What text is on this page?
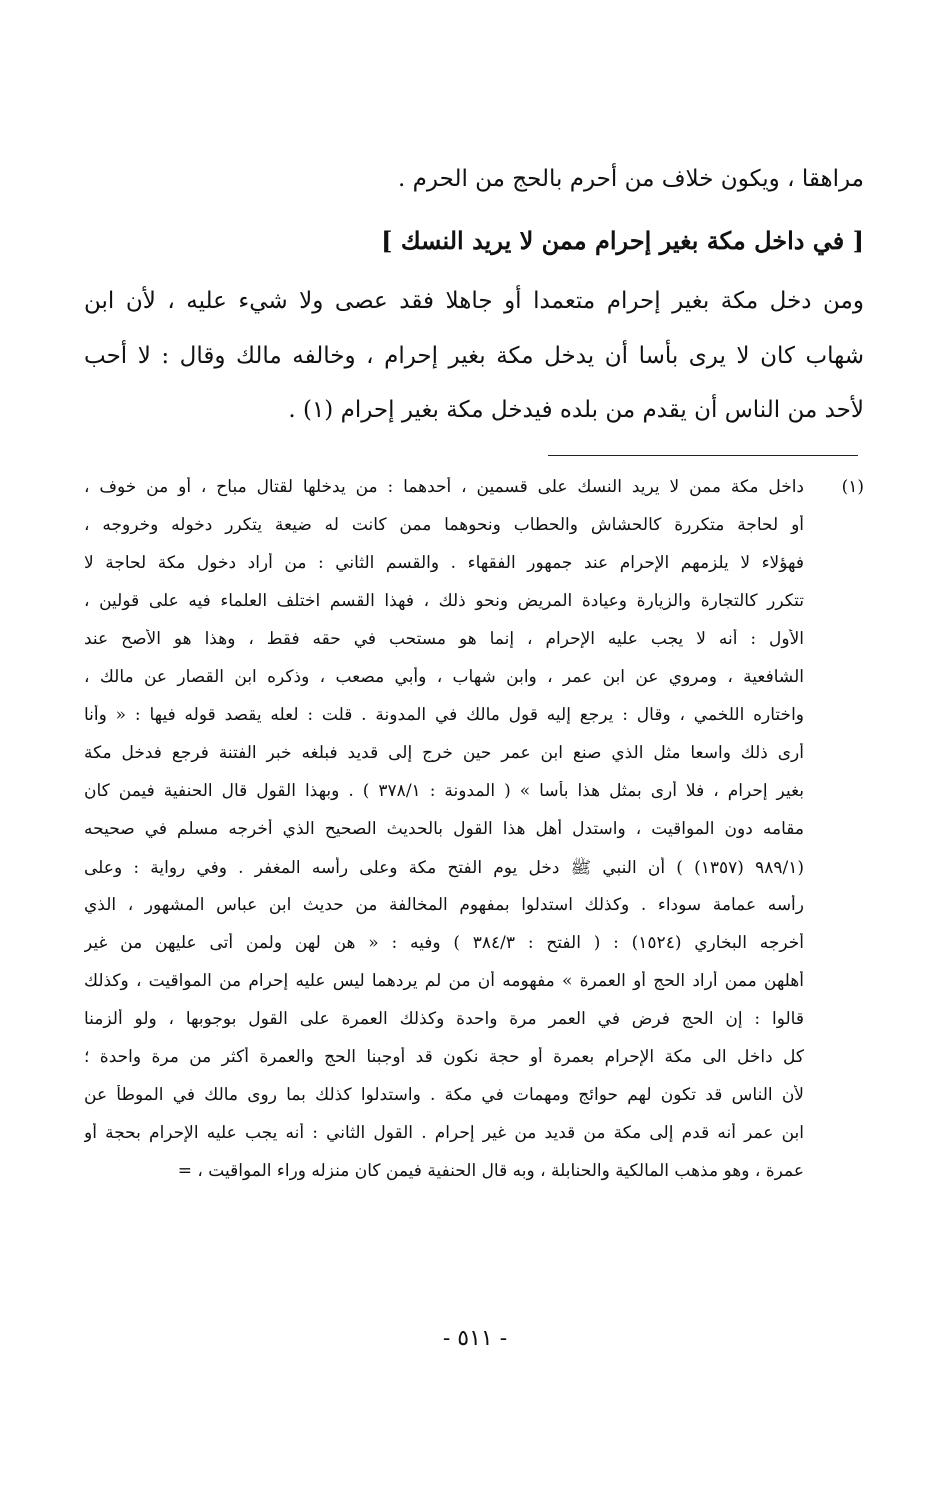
مراهقا ، ويكون خلاف من أحرم بالحج من الحرم .
[ في داخل مكة بغير إحرام ممن لا يريد النسك ]
ومن دخل مكة بغير إحرام متعمدا أو جاهلا فقد عصى ولا شيء عليه ، لأن ابن
شهاب كان لا يرى بأسا أن يدخل مكة بغير إحرام ، وخالفه مالك وقال : لا أحب
لأحد من الناس أن يقدم من بلده فيدخل مكة بغير إحرام (١) .
(١)
داخل مكة ممن لا يريد النسك على قسمين ، أحدهما : من يدخلها لقتال مباح ، أو من خوف ،
أو لحاجة متكررة كالحشاش والحطاب ونحوهما ممن كانت له ضيعة يتكرر دخوله وخروجه ،
فهؤلاء لا يلزمهم الإحرام عند جمهور الفقهاء . والقسم الثاني : من أراد دخول مكة لحاجة لا
تتكرر كالتجارة والزيارة وعيادة المريض ونحو ذلك ، فهذا القسم اختلف العلماء فيه على قولين ،
الأول : أنه لا يجب عليه الإحرام ، إنما هو مستحب في حقه فقط ، وهذا هو الأصح عند
الشافعية ، ومروي عن ابن عمر ، وابن شهاب ، وأبي مصعب ، وذكره ابن القصار عن مالك ،
واختاره اللخمي ، وقال : يرجع إليه قول مالك في المدونة . قلت : لعله يقصد قوله فيها : « وأنا
أرى ذلك واسعا مثل الذي صنع ابن عمر حين خرج إلى قديد فبلغه خبر الفتنة فرجع فدخل مكة
بغير إحرام ، فلا أرى بمثل هذا بأسا » ( المدونة : ٣٧٨/١ ) . وبهذا القول قال الحنفية فيمن كان
مقامه دون المواقيت ، واستدل أهل هذا القول بالحديث الصحيح الذي أخرجه مسلم في صحيحه
(٩٨٩/١ (١٣٥٧) ) أن النبي ﷺ دخل يوم الفتح مكة وعلى رأسه المغفر . وفي رواية : وعلى
رأسه عمامة سوداء . وكذلك استدلوا بمفهوم المخالفة من حديث ابن عباس المشهور ، الذي
أخرجه البخاري (١٥٢٤) : ( الفتح : ٣٨٤/٣ ) وفيه : « هن لهن ولمن أتى عليهن من غير
أهلهن ممن أراد الحج أو العمرة » مفهومه أن من لم يردهما ليس عليه إحرام من المواقيت ، وكذلك
قالوا : إن الحج فرض في العمر مرة واحدة وكذلك العمرة على القول بوجوبها ، ولو ألزمنا
كل داخل الى مكة الإحرام بعمرة أو حجة نكون قد أوجبنا الحج والعمرة أكثر من مرة واحدة ؛
لأن الناس قد تكون لهم حوائج ومهمات في مكة . واستدلوا كذلك بما روى مالك في الموطأ عن
ابن عمر أنه قدم إلى مكة من قديد من غير إحرام . القول الثاني : أنه يجب عليه الإحرام بحجة أو
عمرة ، وهو مذهب المالكية والحنابلة ، وبه قال الحنفية فيمن كان منزله وراء المواقيت ، =
- ٥١١ -
